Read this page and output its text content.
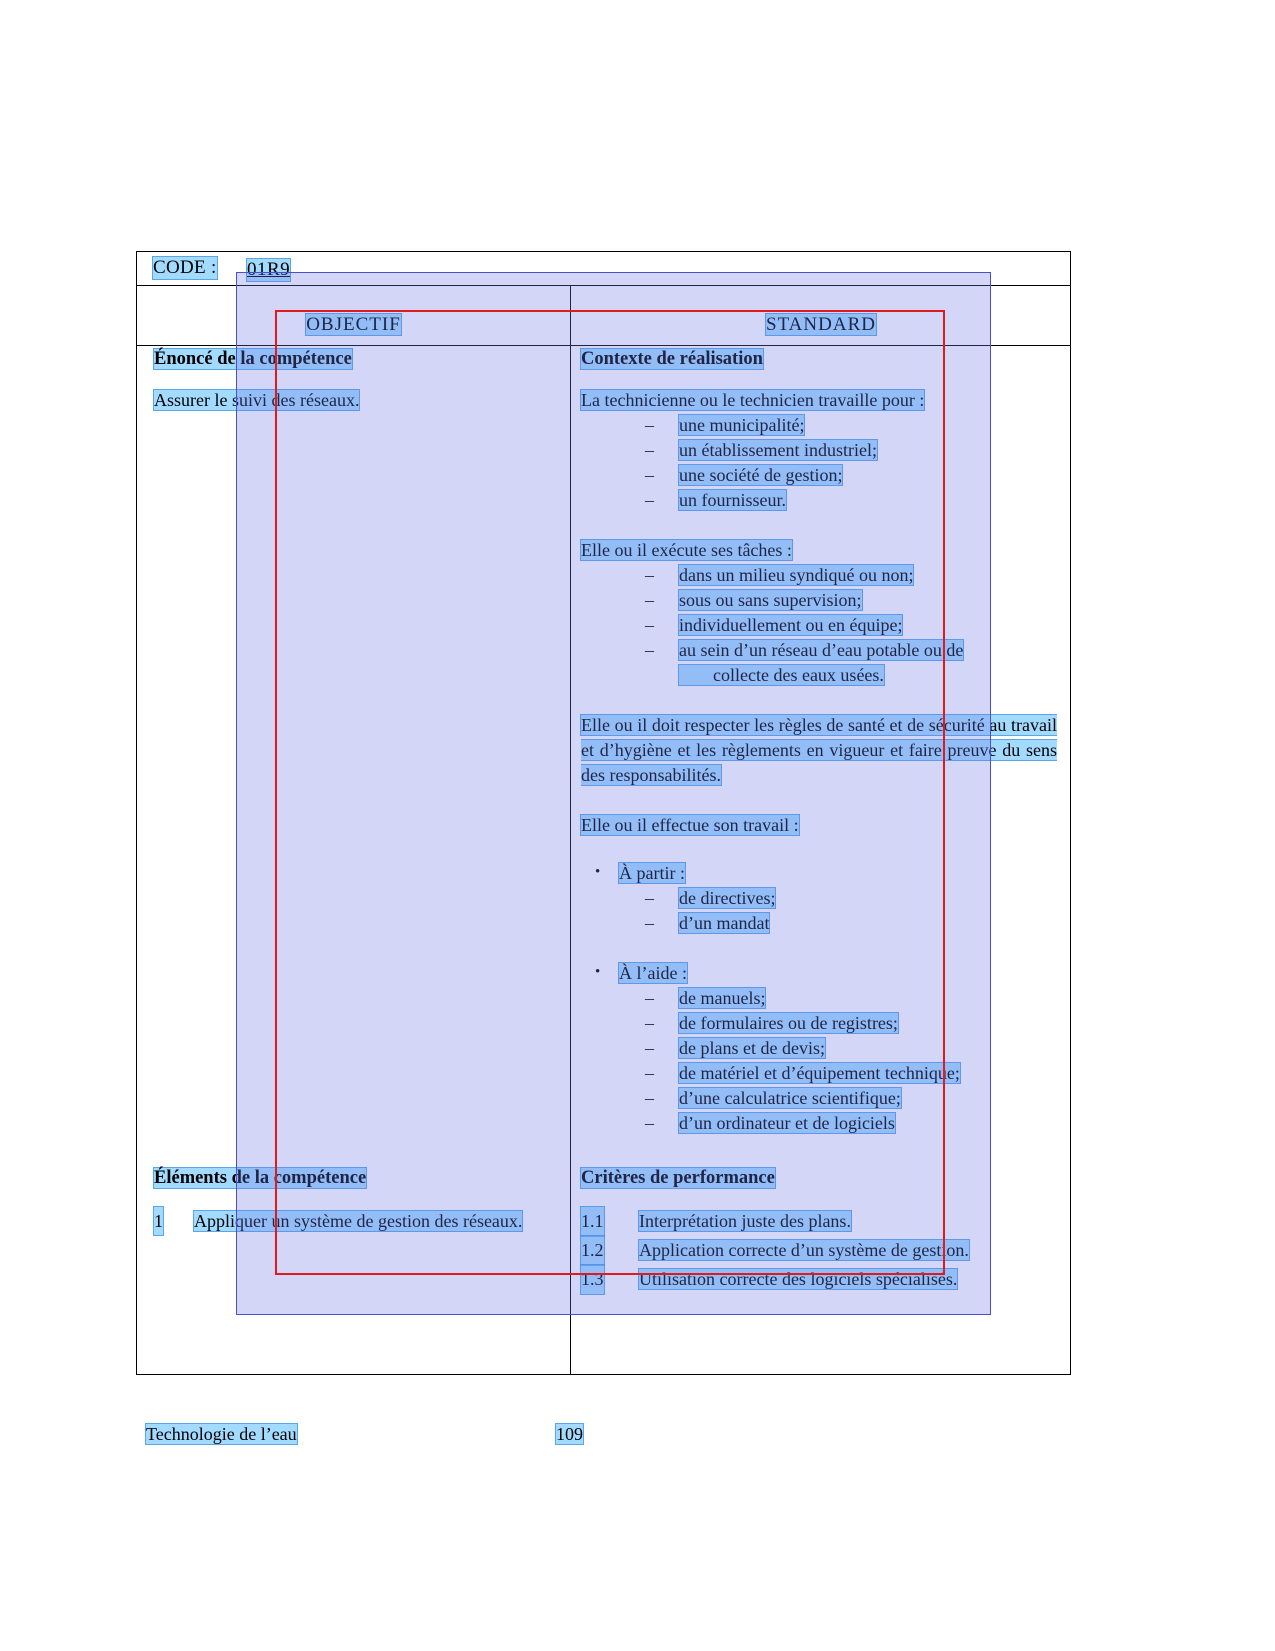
CODE : 01R9
OBJECTIF	STANDARD
Énoncé de la compétence

Assurer le suivi des réseaux.

Contexte de réalisation

La technicienne ou le technicien travaille pour :

– une municipalité;
– un établissement industriel;
– une société de gestion;
– un fournisseur.

Elle ou il exécute ses tâches :

– dans un milieu syndiqué ou non;
– sous ou sans supervision;
– individuellement ou en équipe;
– au sein d’un réseau d’eau potable ou de
collecte des eaux usées.

Elle ou il doit respecter les règles de santé et de sécurité au travail et d’hygiène et les règlements en vigueur et faire preuve du sens des responsabilités.

Elle ou il effectue son travail :

• À partir :
– de directives;
– d’un mandat
• À l’aide :
– de manuels;
– de formulaires ou de registres;
– de plans et de devis;
– de matériel et d’équipement technique;
– d’une calculatrice scientifique;
– d’un ordinateur et de logiciels
Éléments de la compétence
1 Appliquer un système de gestion des réseaux.
Critères de performance
1.1 Interprétation juste des plans.
1.2 Application correcte d’un système de gestion.
1.3 Utilisation correcte des logiciels spécialisés.
Technologie de l’eau	109
